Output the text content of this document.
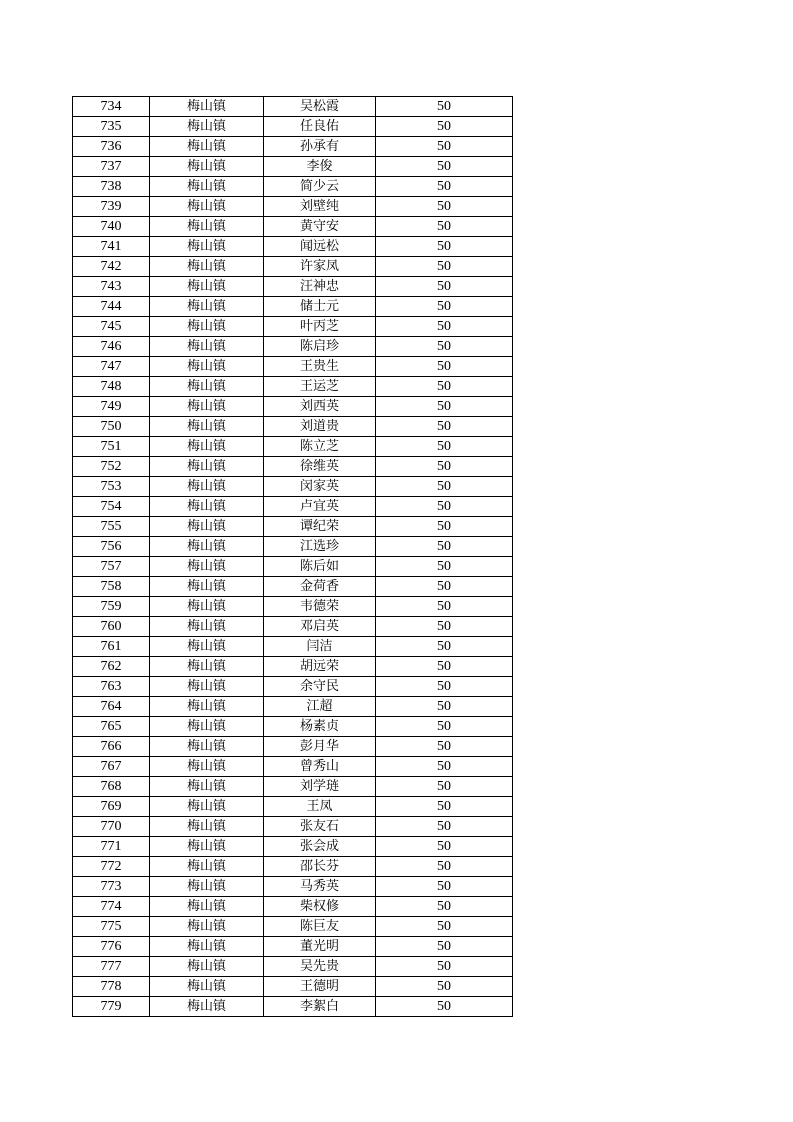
734	梅山镇	吴松霞	50
735	梅山镇	任良佑	50
736	梅山镇	孙承有	50
737	梅山镇	李俊	50
738	梅山镇	简少云	50
739	梅山镇	刘壁纯	50
740	梅山镇	黄守安	50
741	梅山镇	闻远松	50
742	梅山镇	许家凤	50
743	梅山镇	汪神忠	50
744	梅山镇	储士元	50
745	梅山镇	叶丙芝	50
746	梅山镇	陈启珍	50
747	梅山镇	王贵生	50
748	梅山镇	王运芝	50
749	梅山镇	刘西英	50
750	梅山镇	刘道贵	50
751	梅山镇	陈立芝	50
752	梅山镇	徐维英	50
753	梅山镇	闵家英	50
754	梅山镇	卢宜英	50
755	梅山镇	谭纪荣	50
756	梅山镇	江选珍	50
757	梅山镇	陈后如	50
758	梅山镇	金荷香	50
759	梅山镇	韦德荣	50
760	梅山镇	邓启英	50
761	梅山镇	闫洁	50
762	梅山镇	胡远荣	50
763	梅山镇	余守民	50
764	梅山镇	江超	50
765	梅山镇	杨素贞	50
766	梅山镇	彭月华	50
767	梅山镇	曾秀山	50
768	梅山镇	刘学琏	50
769	梅山镇	王凤	50
770	梅山镇	张友石	50
771	梅山镇	张会成	50
772	梅山镇	邵长芬	50
773	梅山镇	马秀英	50
774	梅山镇	柴权修	50
775	梅山镇	陈巨友	50
776	梅山镇	董光明	50
777	梅山镇	吴先贵	50
778	梅山镇	王德明	50
779	梅山镇	李絮白	50
